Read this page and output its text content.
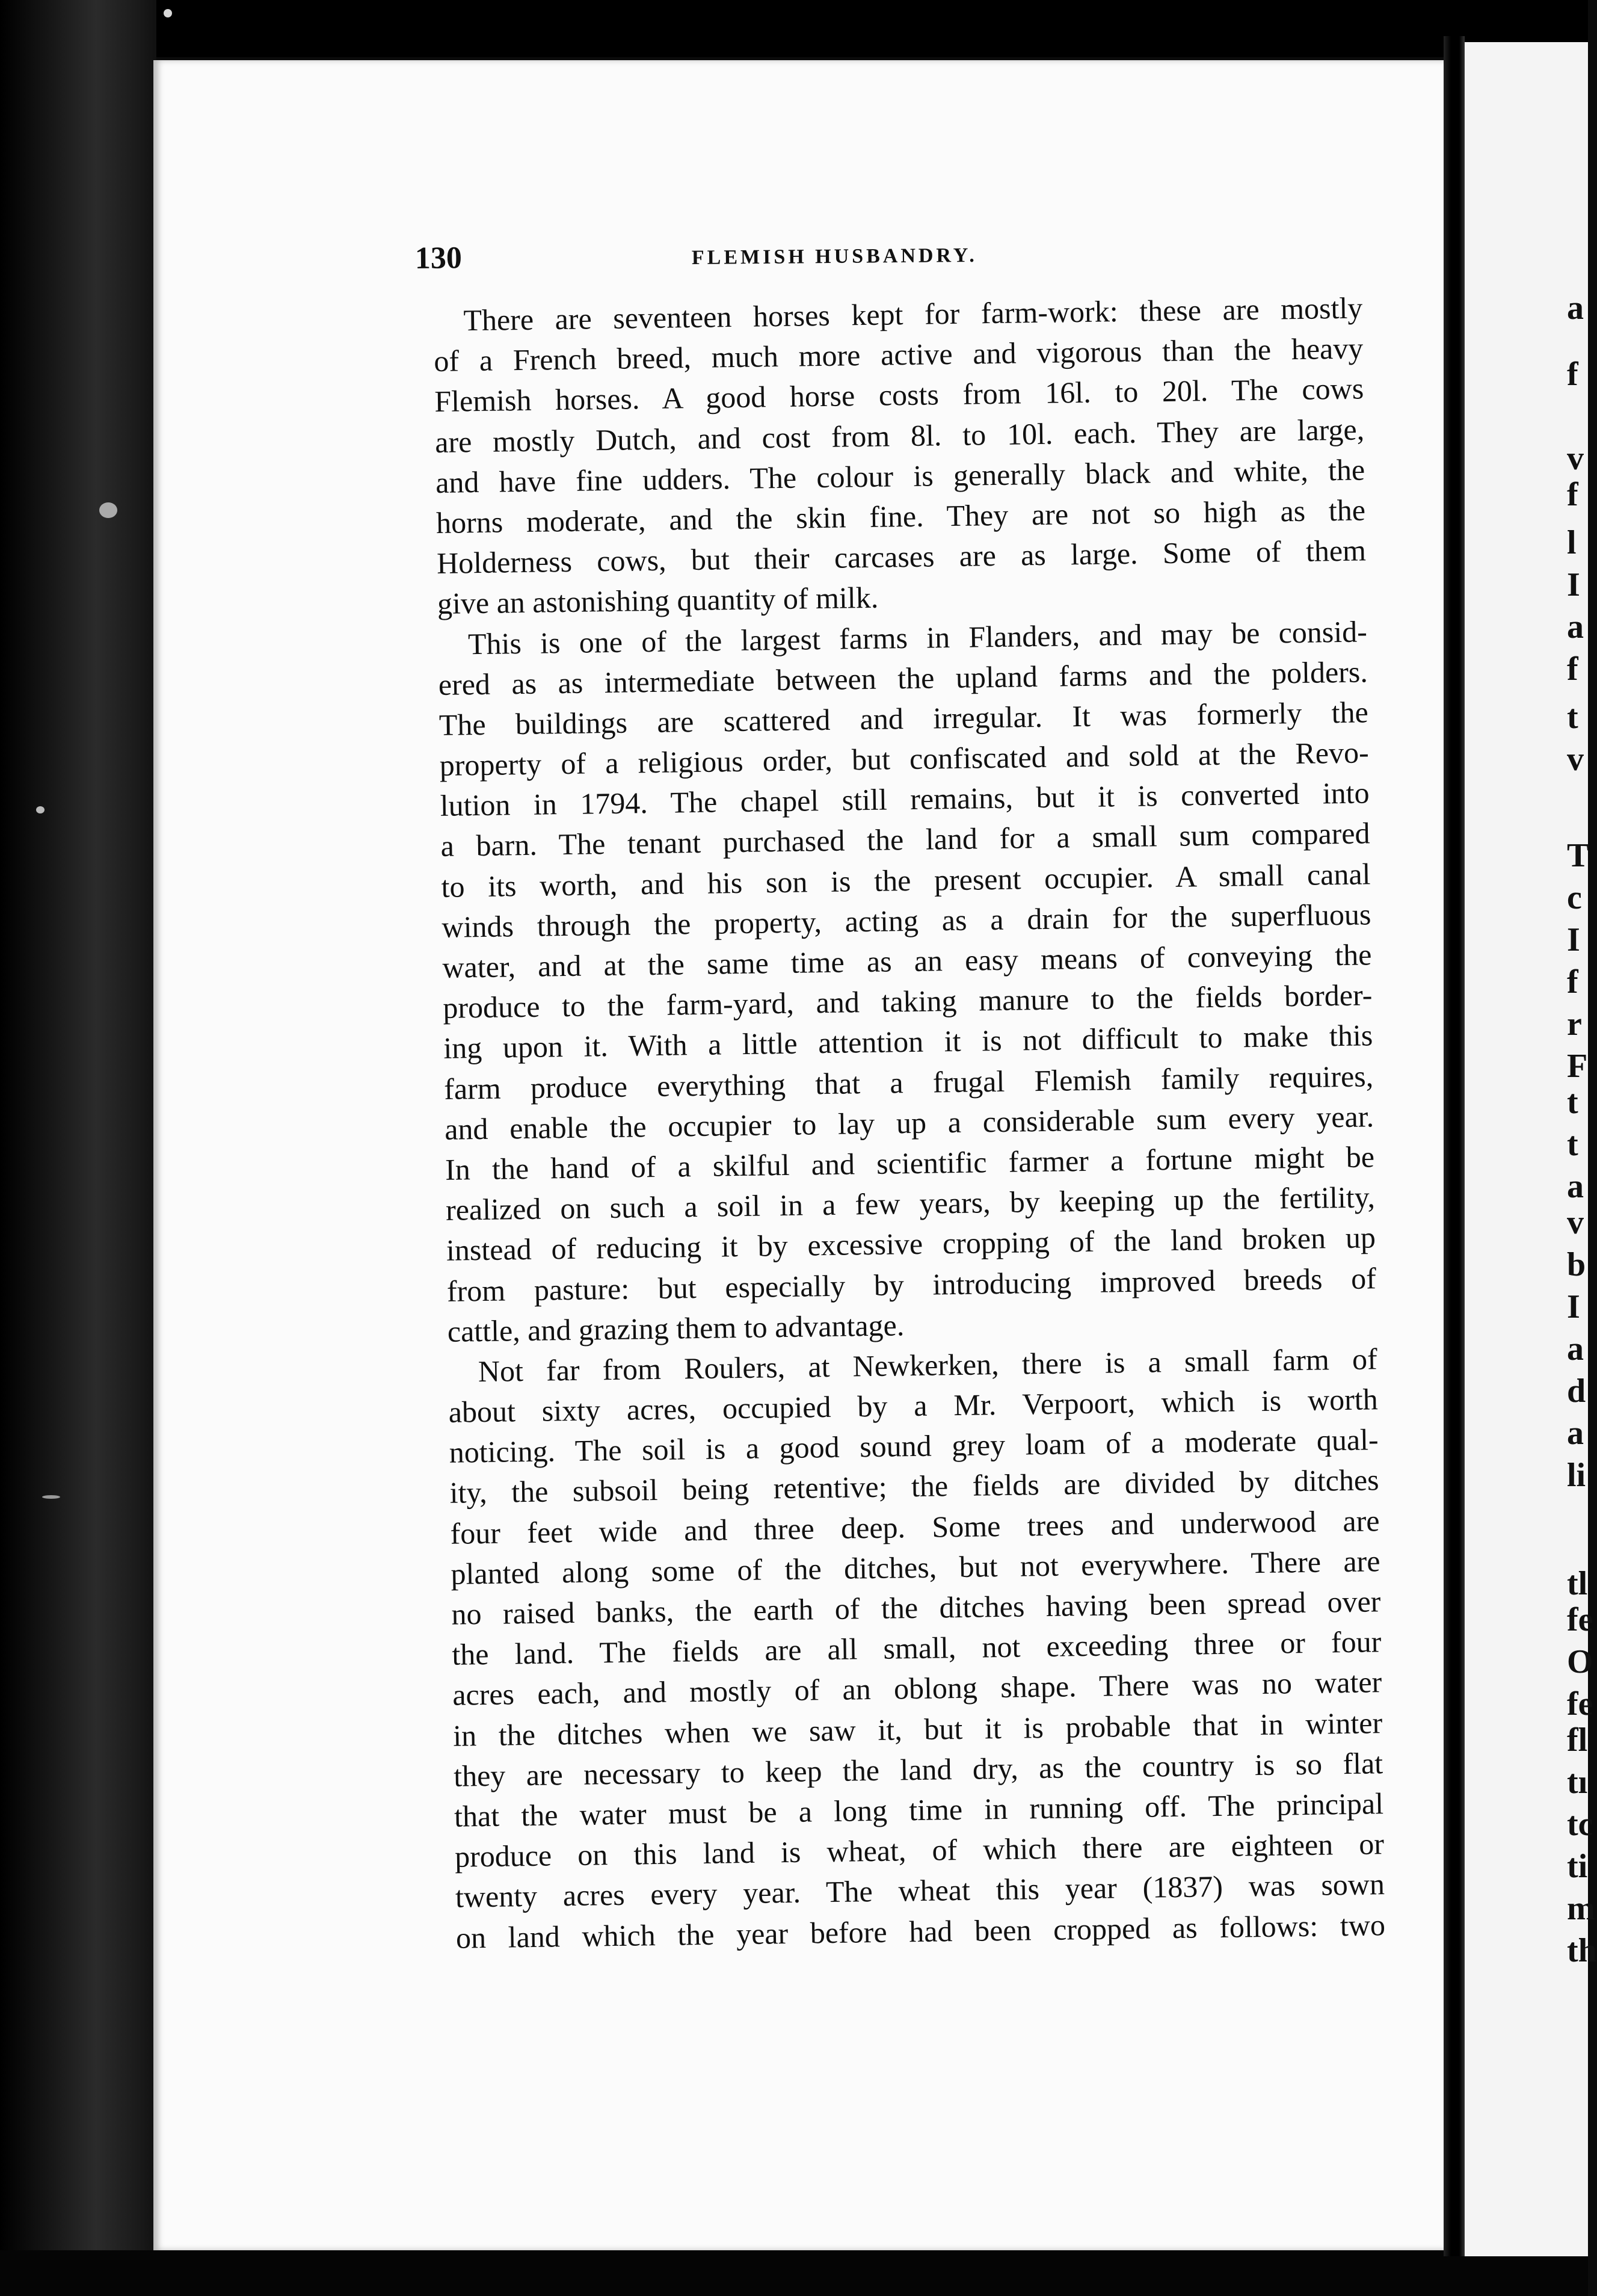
a
f
v
f
l
I
a
f
t
v
T
c
I
f
r
F
t
t
a
v
b
I
a
d
a
li
tl
fe
O
fe
fl
tı
tc
ti
m
th
130	FLEMISH HUSBANDRY.
There are seventeen horses kept for farm-work: these are mostly
of a French breed, much more active and vigorous than the heavy
Flemish horses. A good horse costs from 16l. to 20l. The cows
are mostly Dutch, and cost from 8l. to 10l. each. They are large,
and have fine udders. The colour is generally black and white, the
horns moderate, and the skin fine. They are not so high as the
Holderness cows, but their carcases are as large. Some of them
give an astonishing quantity of milk.
This is one of the largest farms in Flanders, and may be consid-
ered as as intermediate between the upland farms and the polders.
The buildings are scattered and irregular. It was formerly the
property of a religious order, but confiscated and sold at the Revo-
lution in 1794. The chapel still remains, but it is converted into
a barn. The tenant purchased the land for a small sum compared
to its worth, and his son is the present occupier. A small canal
winds through the property, acting as a drain for the superfluous
water, and at the same time as an easy means of conveying the
produce to the farm-yard, and taking manure to the fields border-
ing upon it. With a little attention it is not difficult to make this
farm produce everything that a frugal Flemish family requires,
and enable the occupier to lay up a considerable sum every year.
In the hand of a skilful and scientific farmer a fortune might be
realized on such a soil in a few years, by keeping up the fertility,
instead of reducing it by excessive cropping of the land broken up
from pasture: but especially by introducing improved breeds of
cattle, and grazing them to advantage.
Not far from Roulers, at Newkerken, there is a small farm of
about sixty acres, occupied by a Mr. Verpoort, which is worth
noticing. The soil is a good sound grey loam of a moderate qual-
ity, the subsoil being retentive; the fields are divided by ditches
four feet wide and three deep. Some trees and underwood are
planted along some of the ditches, but not everywhere. There are
no raised banks, the earth of the ditches having been spread over
the land. The fields are all small, not exceeding three or four
acres each, and mostly of an oblong shape. There was no water
in the ditches when we saw it, but it is probable that in winter
they are necessary to keep the land dry, as the country is so flat
that the water must be a long time in running off. The principal
produce on this land is wheat, of which there are eighteen or
twenty acres every year. The wheat this year (1837) was sown
on land which the year before had been cropped as follows: two
